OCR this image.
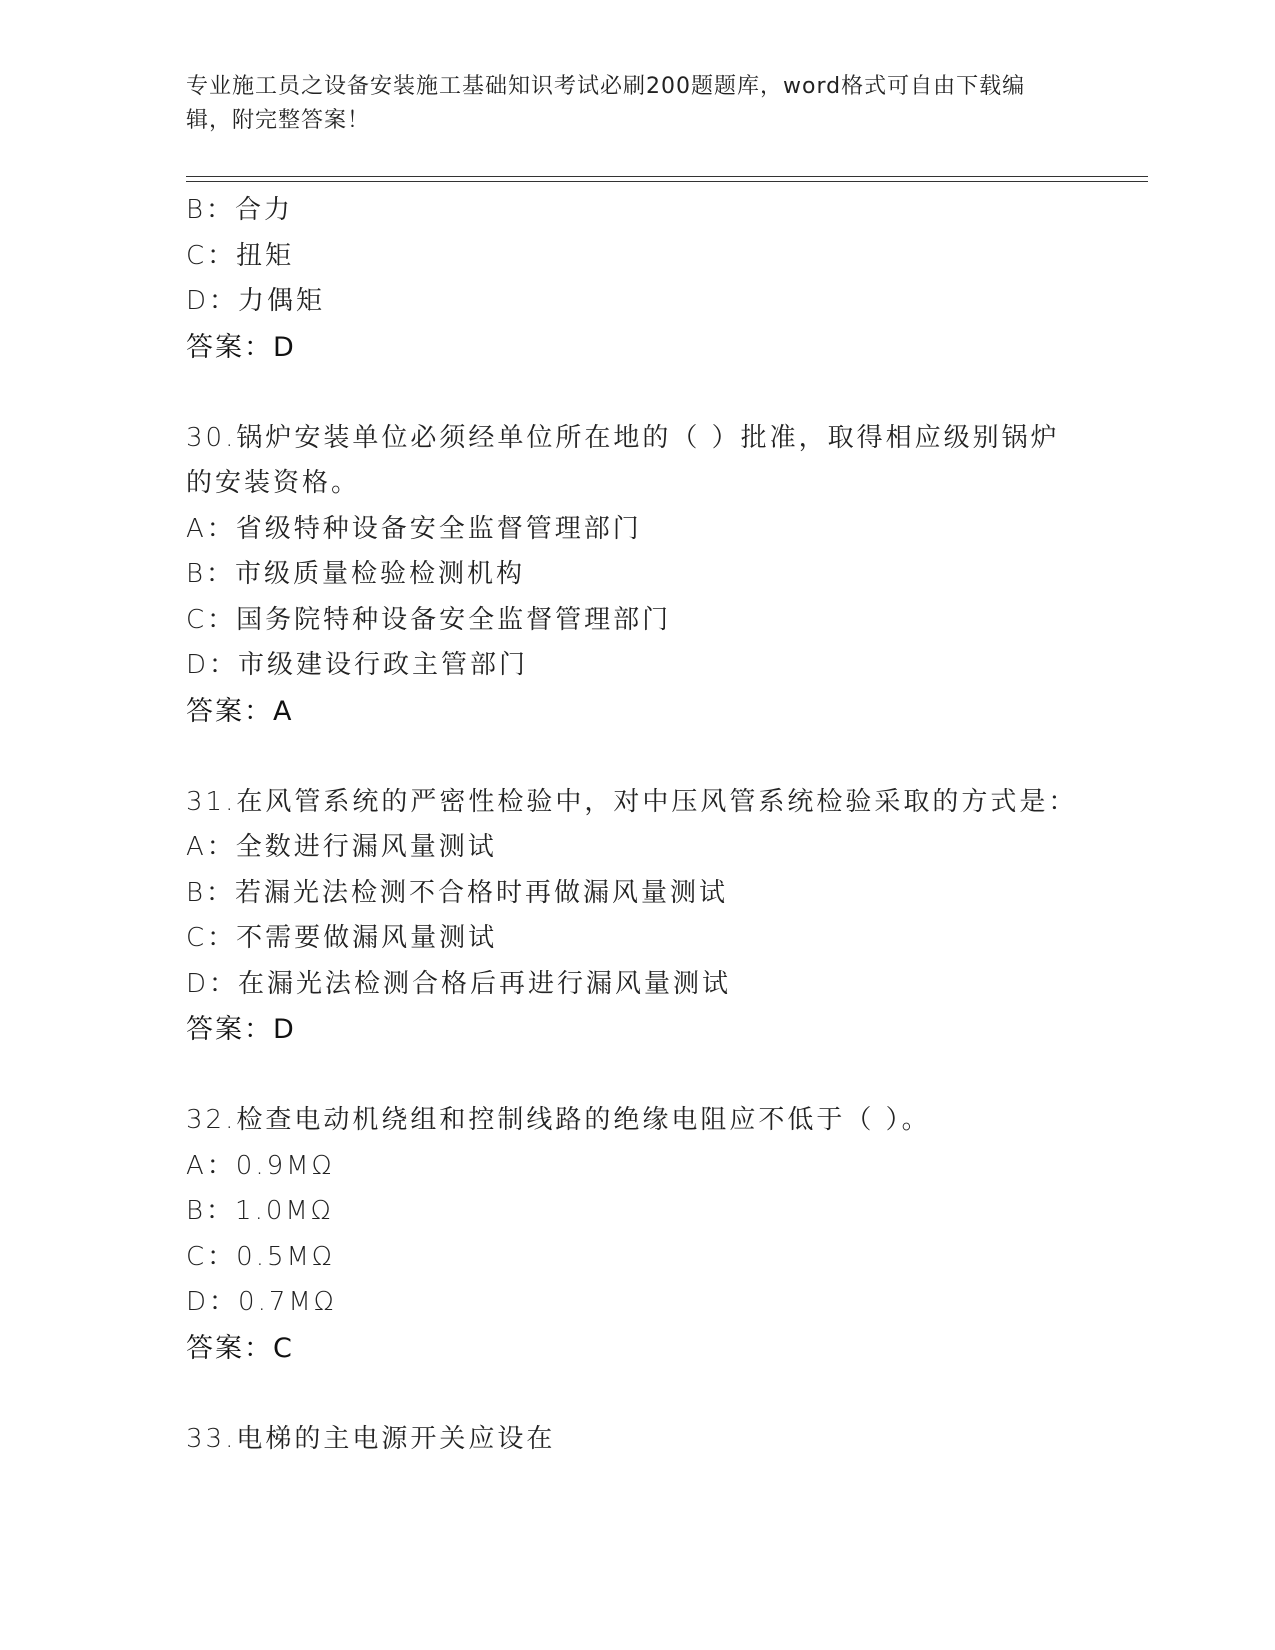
专业施工员之设备安装施工基础知识考试必刷200题题库，word格式可自由下载编辑，附完整答案！
B：合力
C：扭矩
D：力偶矩
答案：D
30.锅炉安装单位必须经单位所在地的（ ）批准，取得相应级别锅炉
的安装资格。
A：省级特种设备安全监督管理部门
B：市级质量检验检测机构
C：国务院特种设备安全监督管理部门
D：市级建设行政主管部门
答案：A
31.在风管系统的严密性检验中，对中压风管系统检验采取的方式是：
A：全数进行漏风量测试
B：若漏光法检测不合格时再做漏风量测试
C：不需要做漏风量测试
D：在漏光法检测合格后再进行漏风量测试
答案：D
32.检查电动机绕组和控制线路的绝缘电阻应不低于（ ）。
A：0.9MΩ
B：1.0MΩ
C：0.5MΩ
D：0.7MΩ
答案：C
33.电梯的主电源开关应设在
